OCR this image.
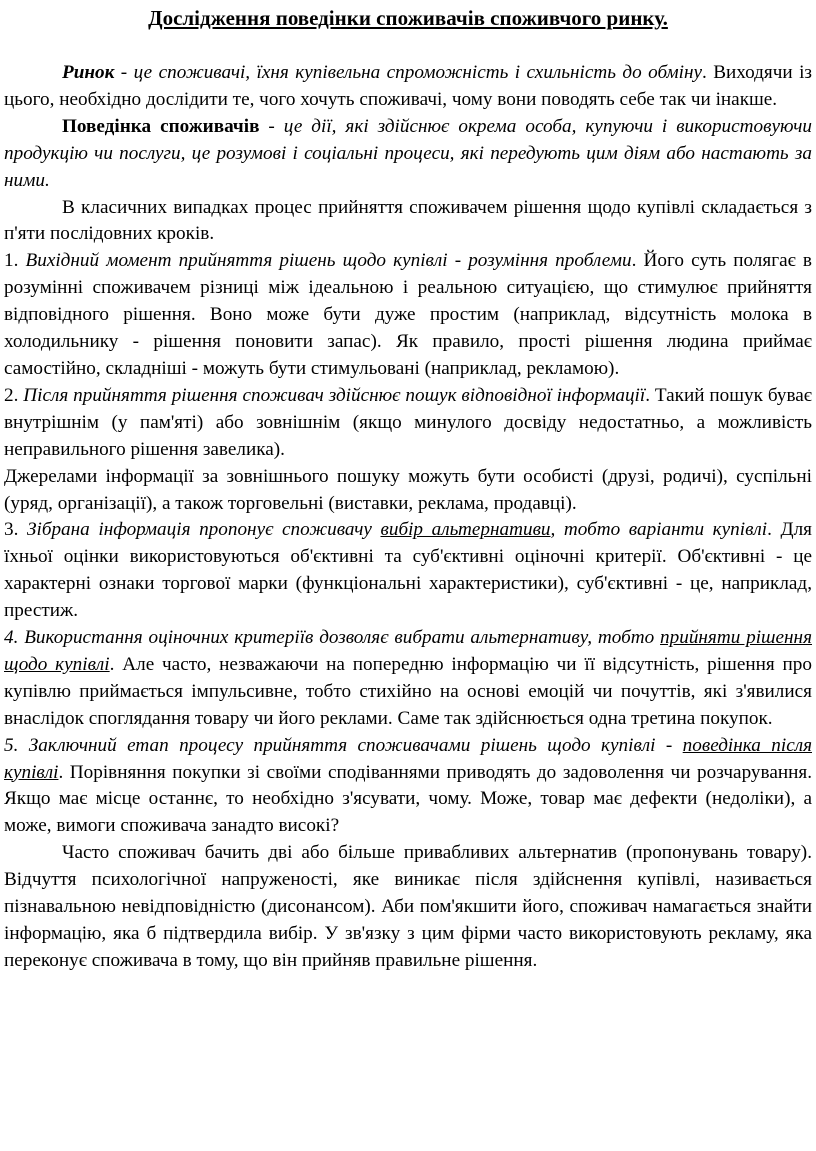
Дослідження поведінки споживачів споживчого ринку.

Ринок - це споживачі, їхня купівельна спроможність і схильність до обміну. Виходячи із цього, необхідно дослідити те, чого хочуть споживачі, чому вони поводять себе так чи інакше.

Поведінка споживачів - це дії, які здійснює окрема особа, купуючи і використовуючи продукцію чи послуги, це розумові і соціальні процеси, які передують цим діям або настають за ними.

В класичних випадках процес прийняття споживачем рішення щодо купівлі складається з п'яти послідовних кроків.

1. Вихідний момент прийняття рішень щодо купівлі - розуміння проблеми. Його суть полягає в розумінні споживачем різниці між ідеальною і реальною ситуацією, що стимулює прийняття відповідного рішення. Воно може бути дуже простим (наприклад, відсутність молока в холодильнику - рішення поновити запас). Як правило, прості рішення людина приймає самостійно, складніші - можуть бути стимульовані (наприклад, рекламою).

2. Після прийняття рішення споживач здійснює пошук відповідної інформації. Такий пошук буває внутрішнім (у пам'яті) або зовнішнім (якщо минулого досвіду недостатньо, а можливість неправильного рішення завелика).

Джерелами інформації за зовнішнього пошуку можуть бути особисті (друзі, родичі), суспільні (уряд, організації), а також торговельні (виставки, реклама, продавці).

3. Зібрана інформація пропонує споживачу вибір альтернативи, тобто варіанти купівлі. Для їхньої оцінки використовуються об'єктивні та суб'єктивні оціночні критерії. Об'єктивні - це характерні ознаки торгової марки (функціональні характеристики), суб'єктивні - це, наприклад, престиж.

4. Використання оціночних критеріїв дозволяє вибрати альтернативу, тобто прийняти рішення щодо купівлі. Але часто, незважаючи на попередню інформацію чи її відсутність, рішення про купівлю приймається імпульсивне, тобто стихійно на основі емоцій чи почуттів, які з'явилися внаслідок споглядання товару чи його реклами. Саме так здійснюється одна третина покупок.

5. Заключний етап процесу прийняття споживачами рішень щодо купівлі - поведінка після купівлі. Порівняння покупки зі своїми сподіваннями приводять до задоволення чи розчарування. Якщо має місце останнє, то необхідно з'ясувати, чому. Може, товар має дефекти (недоліки), а може, вимоги споживача занадто високі?

Часто споживач бачить дві або більше привабливих альтернатив (пропонувань товару). Відчуття психологічної напруженості, яке виникає після здійснення купівлі, називається пізнавальною невідповідністю (дисонансом). Аби пом'якшити його, споживач намагається знайти інформацію, яка б підтвердила вибір. У зв'язку з цим фірми часто використовують рекламу, яка переконує споживача в тому, що він прийняв правильне рішення.
